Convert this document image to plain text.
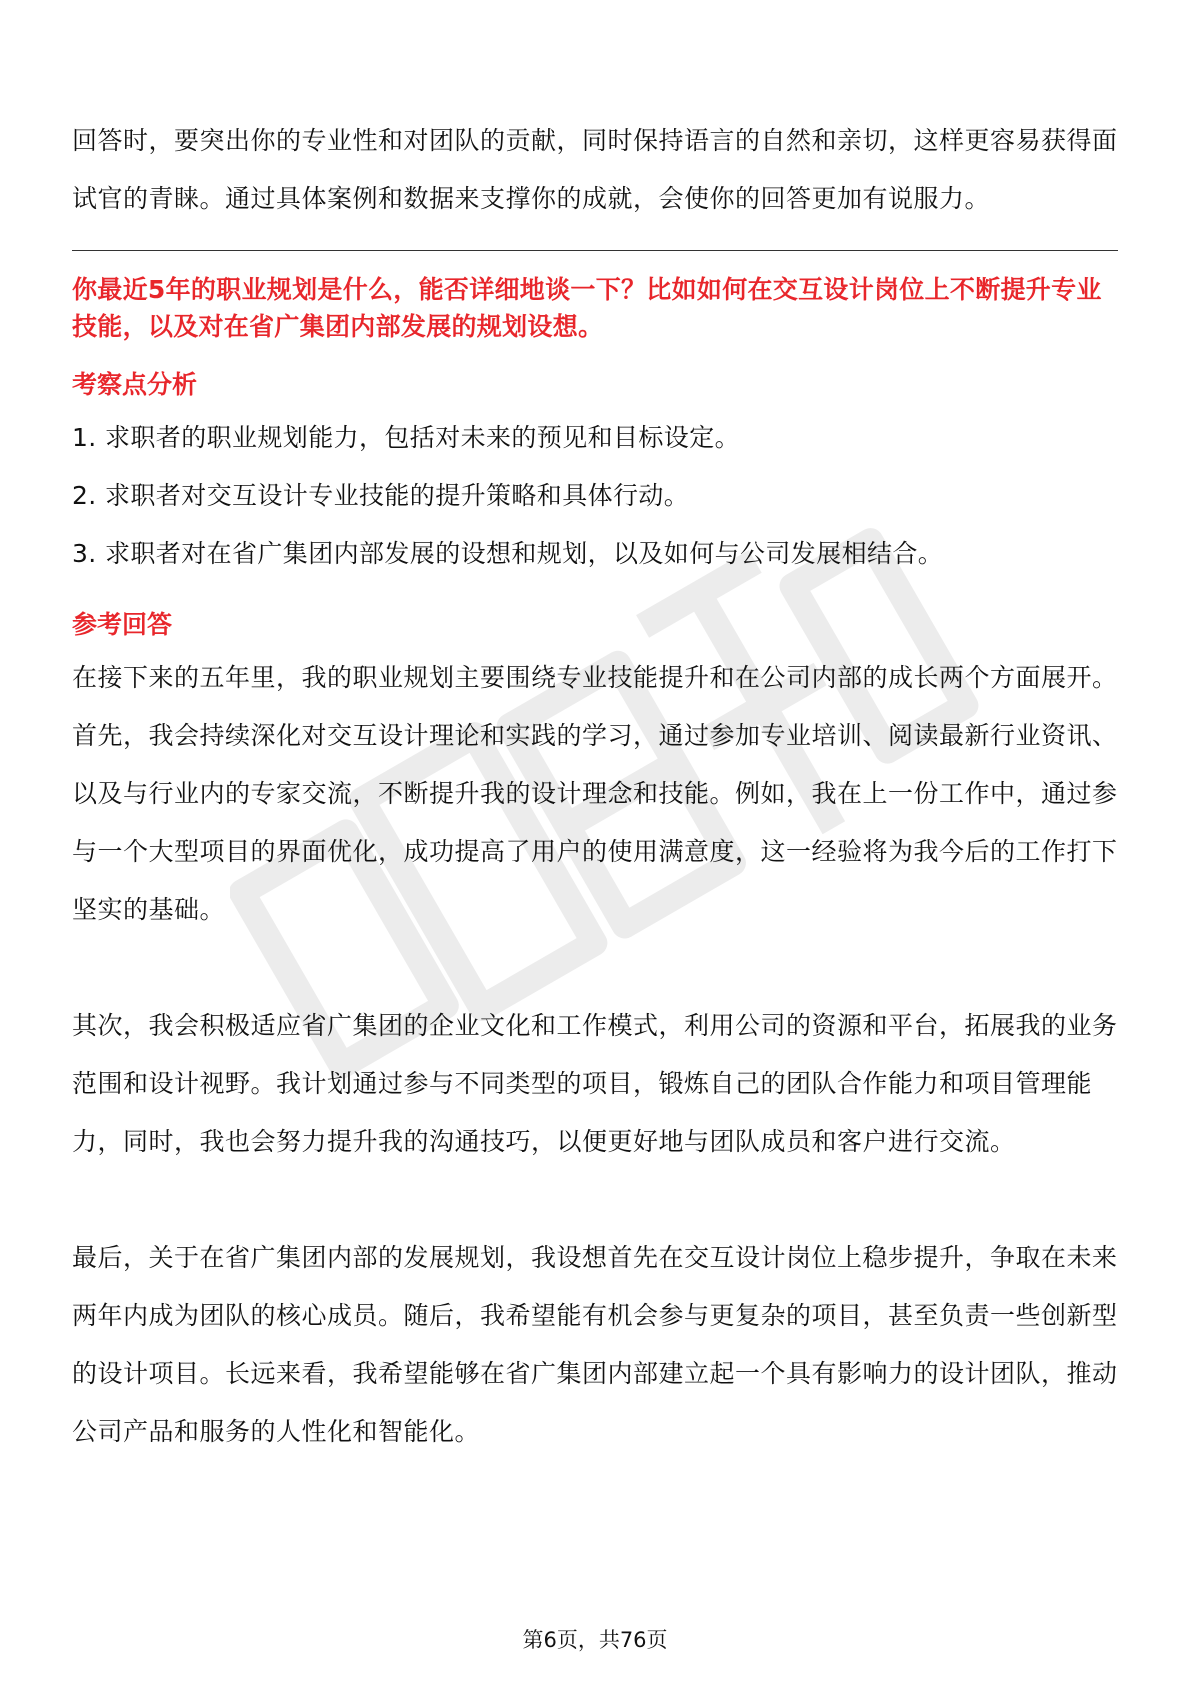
回答时，要突出你的专业性和对团队的贡献，同时保持语言的自然和亲切，这样更容易获得面试官的青睐。通过具体案例和数据来支撑你的成就，会使你的回答更加有说服力。

你最近5年的职业规划是什么，能否详细地谈一下？比如如何在交互设计岗位上不断提升专业技能，以及对在省广集团内部发展的规划设想。

考察点分析
1. 求职者的职业规划能力，包括对未来的预见和目标设定。
2. 求职者对交互设计专业技能的提升策略和具体行动。
3. 求职者对在省广集团内部发展的设想和规划，以及如何与公司发展相结合。
参考回答

在接下来的五年里，我的职业规划主要围绕专业技能提升和在公司内部的成长两个方面展开。首先，我会持续深化对交互设计理论和实践的学习，通过参加专业培训、阅读最新行业资讯、以及与行业内的专家交流，不断提升我的设计理念和技能。例如，我在上一份工作中，通过参与一个大型项目的界面优化，成功提高了用户的使用满意度，这一经验将为我今后的工作打下坚实的基础。

其次，我会积极适应省广集团的企业文化和工作模式，利用公司的资源和平台，拓展我的业务范围和设计视野。我计划通过参与不同类型的项目，锻炼自己的团队合作能力和项目管理能力，同时，我也会努力提升我的沟通技巧，以便更好地与团队成员和客户进行交流。

最后，关于在省广集团内部的发展规划，我设想首先在交互设计岗位上稳步提升，争取在未来两年内成为团队的核心成员。随后，我希望能有机会参与更复杂的项目，甚至负责一些创新型的设计项目。长远来看，我希望能够在省广集团内部建立起一个具有影响力的设计团队，推动公司产品和服务的人性化和智能化。

第6页，共76页
